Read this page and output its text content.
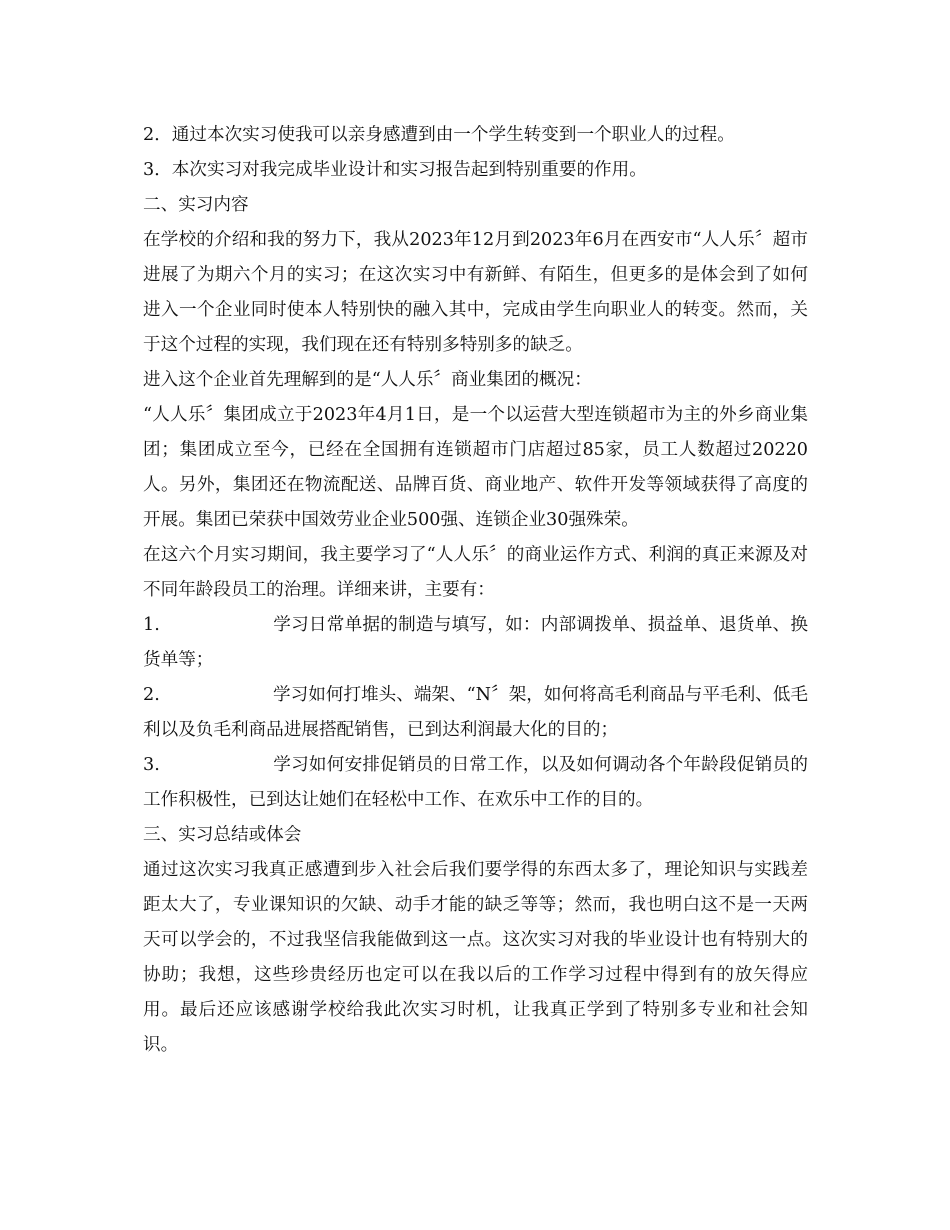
2．通过本次实习使我可以亲身感遭到由一个学生转变到一个职业人的过程。

3．本次实习对我完成毕业设计和实习报告起到特别重要的作用。

二、实习内容

在学校的介绍和我的努力下，我从2023年12月到2023年6月在西安市“人人乐〞超市进展了为期六个月的实习；在这次实习中有新鲜、有陌生，但更多的是体会到了如何进入一个企业同时使本人特别快的融入其中，完成由学生向职业人的转变。然而，关于这个过程的实现，我们现在还有特别多特别多的缺乏。

进入这个企业首先理解到的是“人人乐〞商业集团的概况：

“人人乐〞集团成立于2023年4月1日，是一个以运营大型连锁超市为主的外乡商业集团；集团成立至今，已经在全国拥有连锁超市门店超过85家，员工人数超过20220人。另外，集团还在物流配送、品牌百货、商业地产、软件开发等领域获得了高度的开展。集团已荣获中国效劳业企业500强、连锁企业30强殊荣。

在这六个月实习期间，我主要学习了“人人乐〞的商业运作方式、利润的真正来源及对不同年龄段员工的治理。详细来讲，主要有：

1.	学习日常单据的制造与填写，如：内部调拨单、损益单、退货单、换货单等；

2.	学习如何打堆头、端架、“N〞架，如何将高毛利商品与平毛利、低毛利以及负毛利商品进展搭配销售，已到达利润最大化的目的；

3.	学习如何安排促销员的日常工作，以及如何调动各个年龄段促销员的工作积极性，已到达让她们在轻松中工作、在欢乐中工作的目的。

三、实习总结或体会

通过这次实习我真正感遭到步入社会后我们要学得的东西太多了，理论知识与实践差距太大了，专业课知识的欠缺、动手才能的缺乏等等；然而，我也明白这不是一天两天可以学会的，不过我坚信我能做到这一点。这次实习对我的毕业设计也有特别大的协助；我想，这些珍贵经历也定可以在我以后的工作学习过程中得到有的放矢得应用。最后还应该感谢学校给我此次实习时机，让我真正学到了特别多专业和社会知识。
